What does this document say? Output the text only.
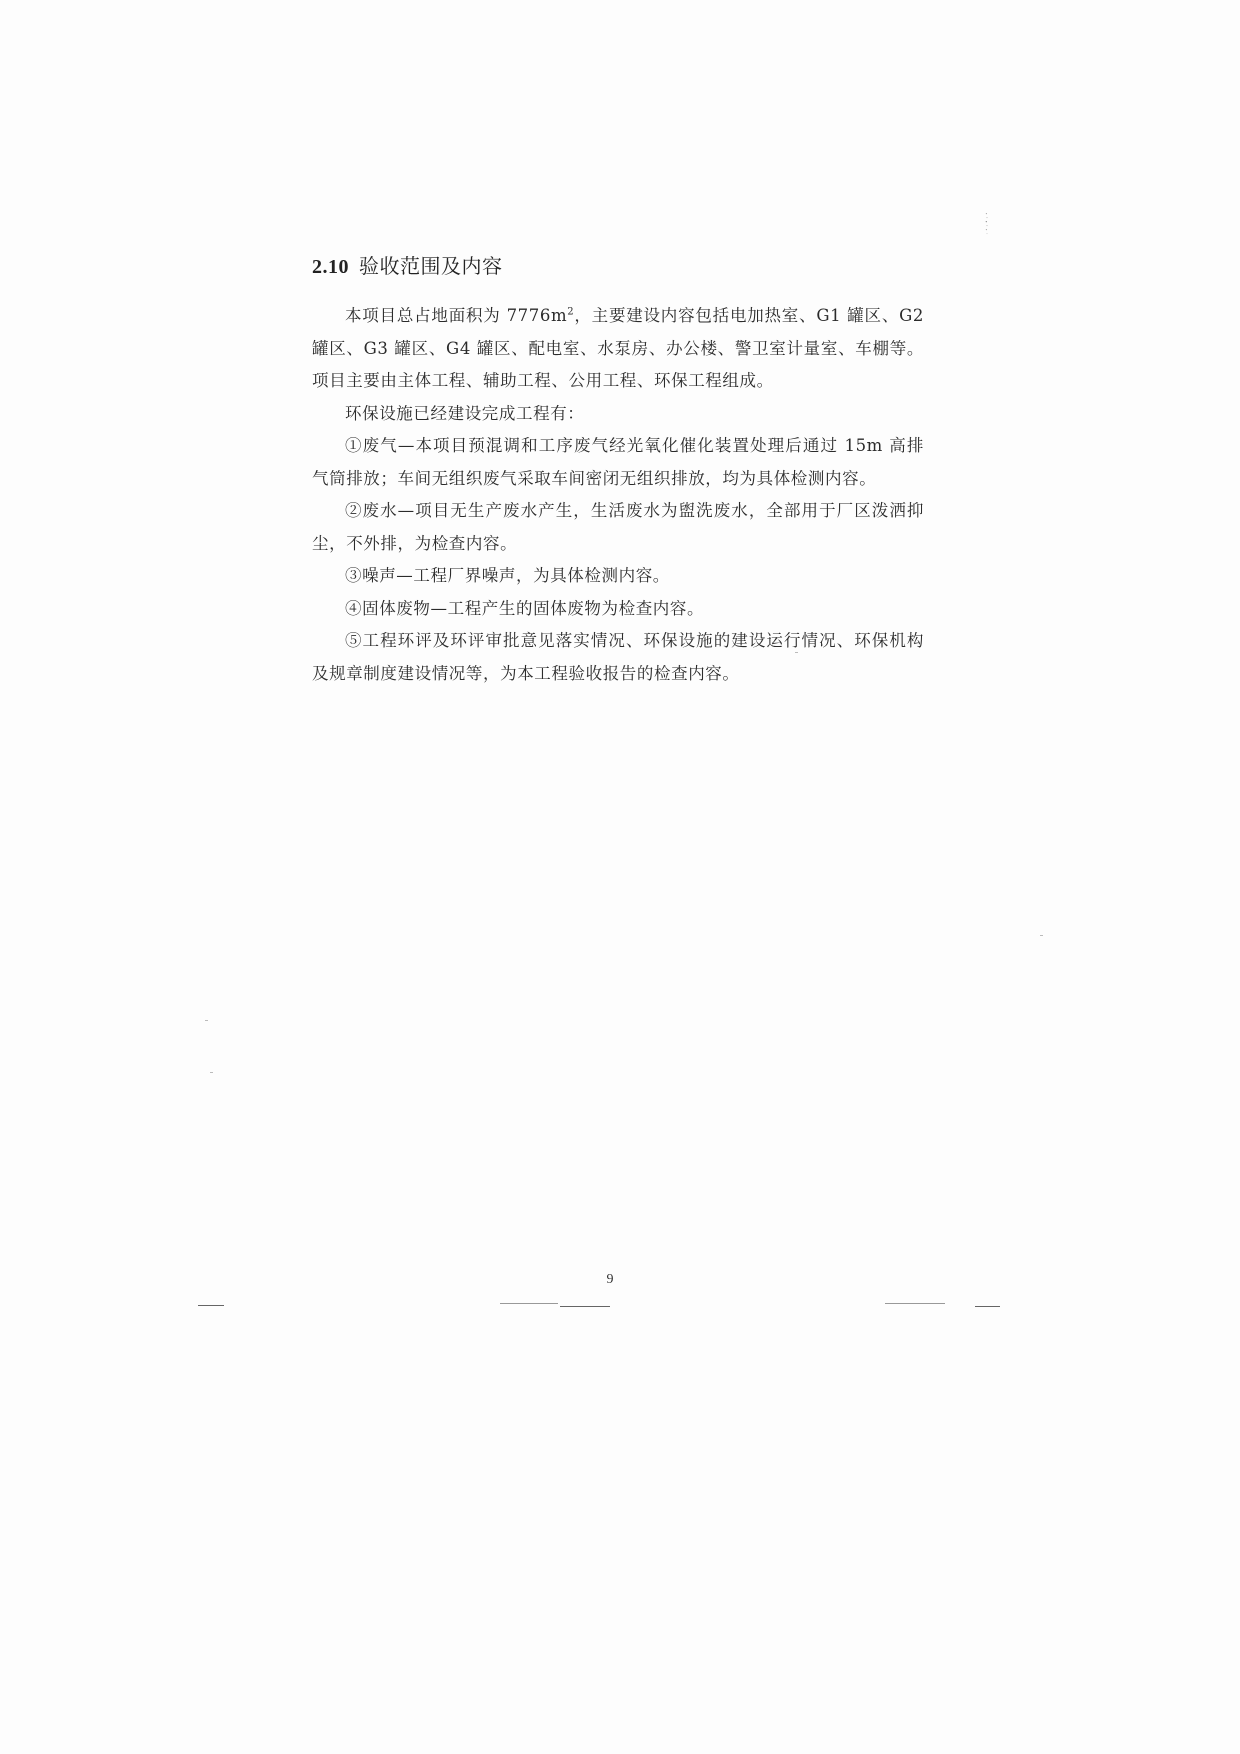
2.10 验收范围及内容

本项目总占地面积为 $7776m^2$，主要建设内容包括电加热室、G1 罐区、G2罐区、G3 罐区、G4 罐区、配电室、水泵房、办公楼、警卫室计量室、车棚等。项目主要由主体工程、辅助工程、公用工程、环保工程组成。

环保设施已经建设完成工程有：

①废气—本项目预混调和工序废气经光氧化催化装置处理后通过 15m 高排气筒排放；车间无组织废气采取车间密闭无组织排放，均为具体检测内容。

②废水—项目无生产废水产生，生活废水为盥洗废水，全部用于厂区泼洒抑尘，不外排，为检查内容。

③噪声—工程厂界噪声，为具体检测内容。

④固体废物—工程产生的固体废物为检查内容。

⑤工程环评及环评审批意见落实情况、环保设施的建设运行情况、环保机构及规章制度建设情况等，为本工程验收报告的检查内容。

9
